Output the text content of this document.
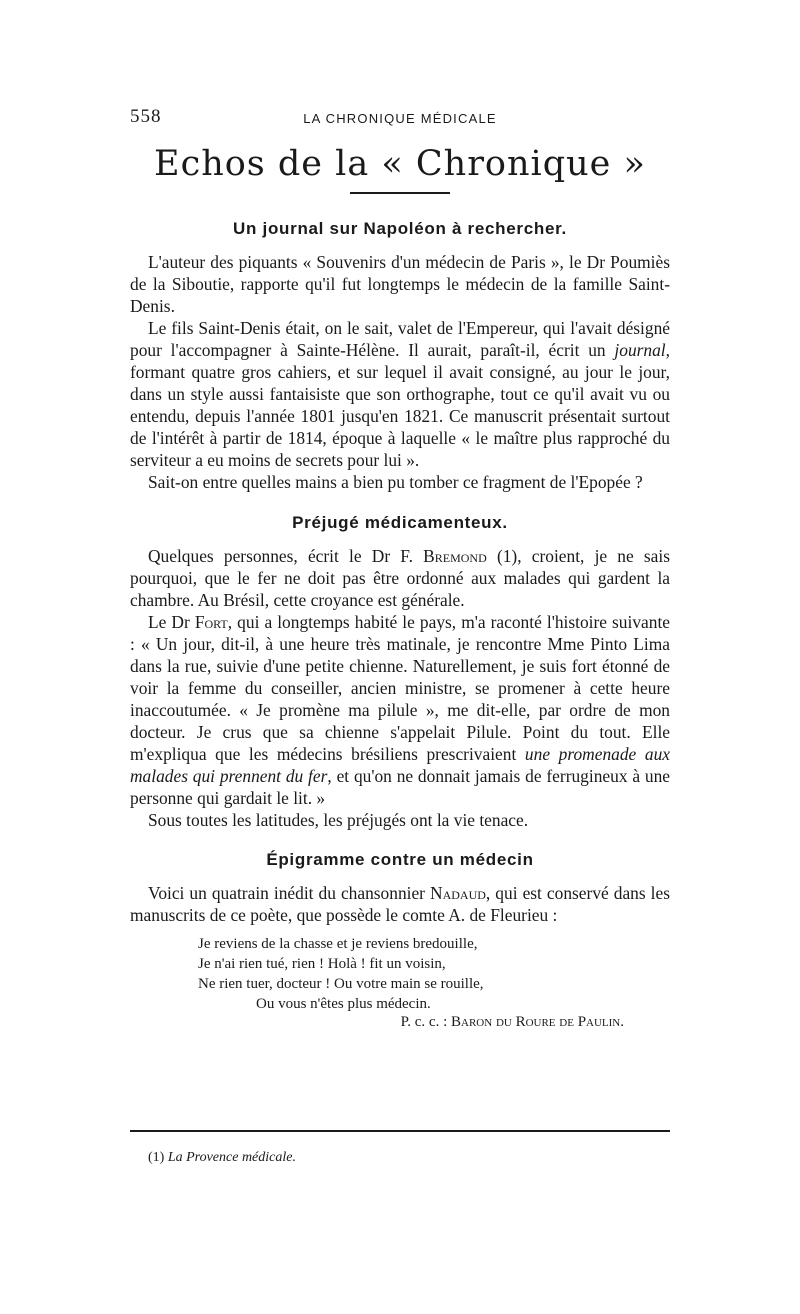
558	LA CHRONIQUE MÉDICALE
Echos de la « Chronique »
Un journal sur Napoléon à rechercher.

L'auteur des piquants « Souvenirs d'un médecin de Paris », le Dr Poumiès de la Siboutie, rapporte qu'il fut longtemps le médecin de la famille Saint-Denis.

Le fils Saint-Denis était, on le sait, valet de l'Empereur, qui l'avait désigné pour l'accompagner à Sainte-Hélène. Il aurait, paraît-il, écrit un journal, formant quatre gros cahiers, et sur lequel il avait consigné, au jour le jour, dans un style aussi fantaisiste que son orthographe, tout ce qu'il avait vu ou entendu, depuis l'année 1801 jusqu'en 1821. Ce manuscrit présentait surtout de l'intérêt à partir de 1814, époque à laquelle « le maître plus rapproché du serviteur a eu moins de secrets pour lui ».

Sait-on entre quelles mains a bien pu tomber ce fragment de l'Epopée ?

Préjugé médicamenteux.

Quelques personnes, écrit le Dr F. Bremond (1), croient, je ne sais pourquoi, que le fer ne doit pas être ordonné aux malades qui gardent la chambre. Au Brésil, cette croyance est générale.

Le Dr Fort, qui a longtemps habité le pays, m'a raconté l'histoire suivante : « Un jour, dit-il, à une heure très matinale, je rencontre Mme Pinto Lima dans la rue, suivie d'une petite chienne. Naturellement, je suis fort étonné de voir la femme du conseiller, ancien ministre, se promener à cette heure inaccoutumée. « Je promène ma pilule », me dit-elle, par ordre de mon docteur. Je crus que sa chienne s'appelait Pilule. Point du tout. Elle m'expliqua que les médecins brésiliens prescrivaient une promenade aux malades qui prennent du fer, et qu'on ne donnait jamais de ferrugineux à une personne qui gardait le lit. »

Sous toutes les latitudes, les préjugés ont la vie tenace.

Épigramme contre un médecin

Voici un quatrain inédit du chansonnier Nadaud, qui est conservé dans les manuscrits de ce poète, que possède le comte A. de Fleurieu :

Je reviens de la chasse et je reviens bredouille,
Je n'ai rien tué, rien ! Holà ! fit un voisin,
Ne rien tuer, docteur ! Ou votre main se rouille,
Ou vous n'êtes plus médecin.
P. c. c. : Baron du Roure de Paulin.
(1) La Provence médicale.
